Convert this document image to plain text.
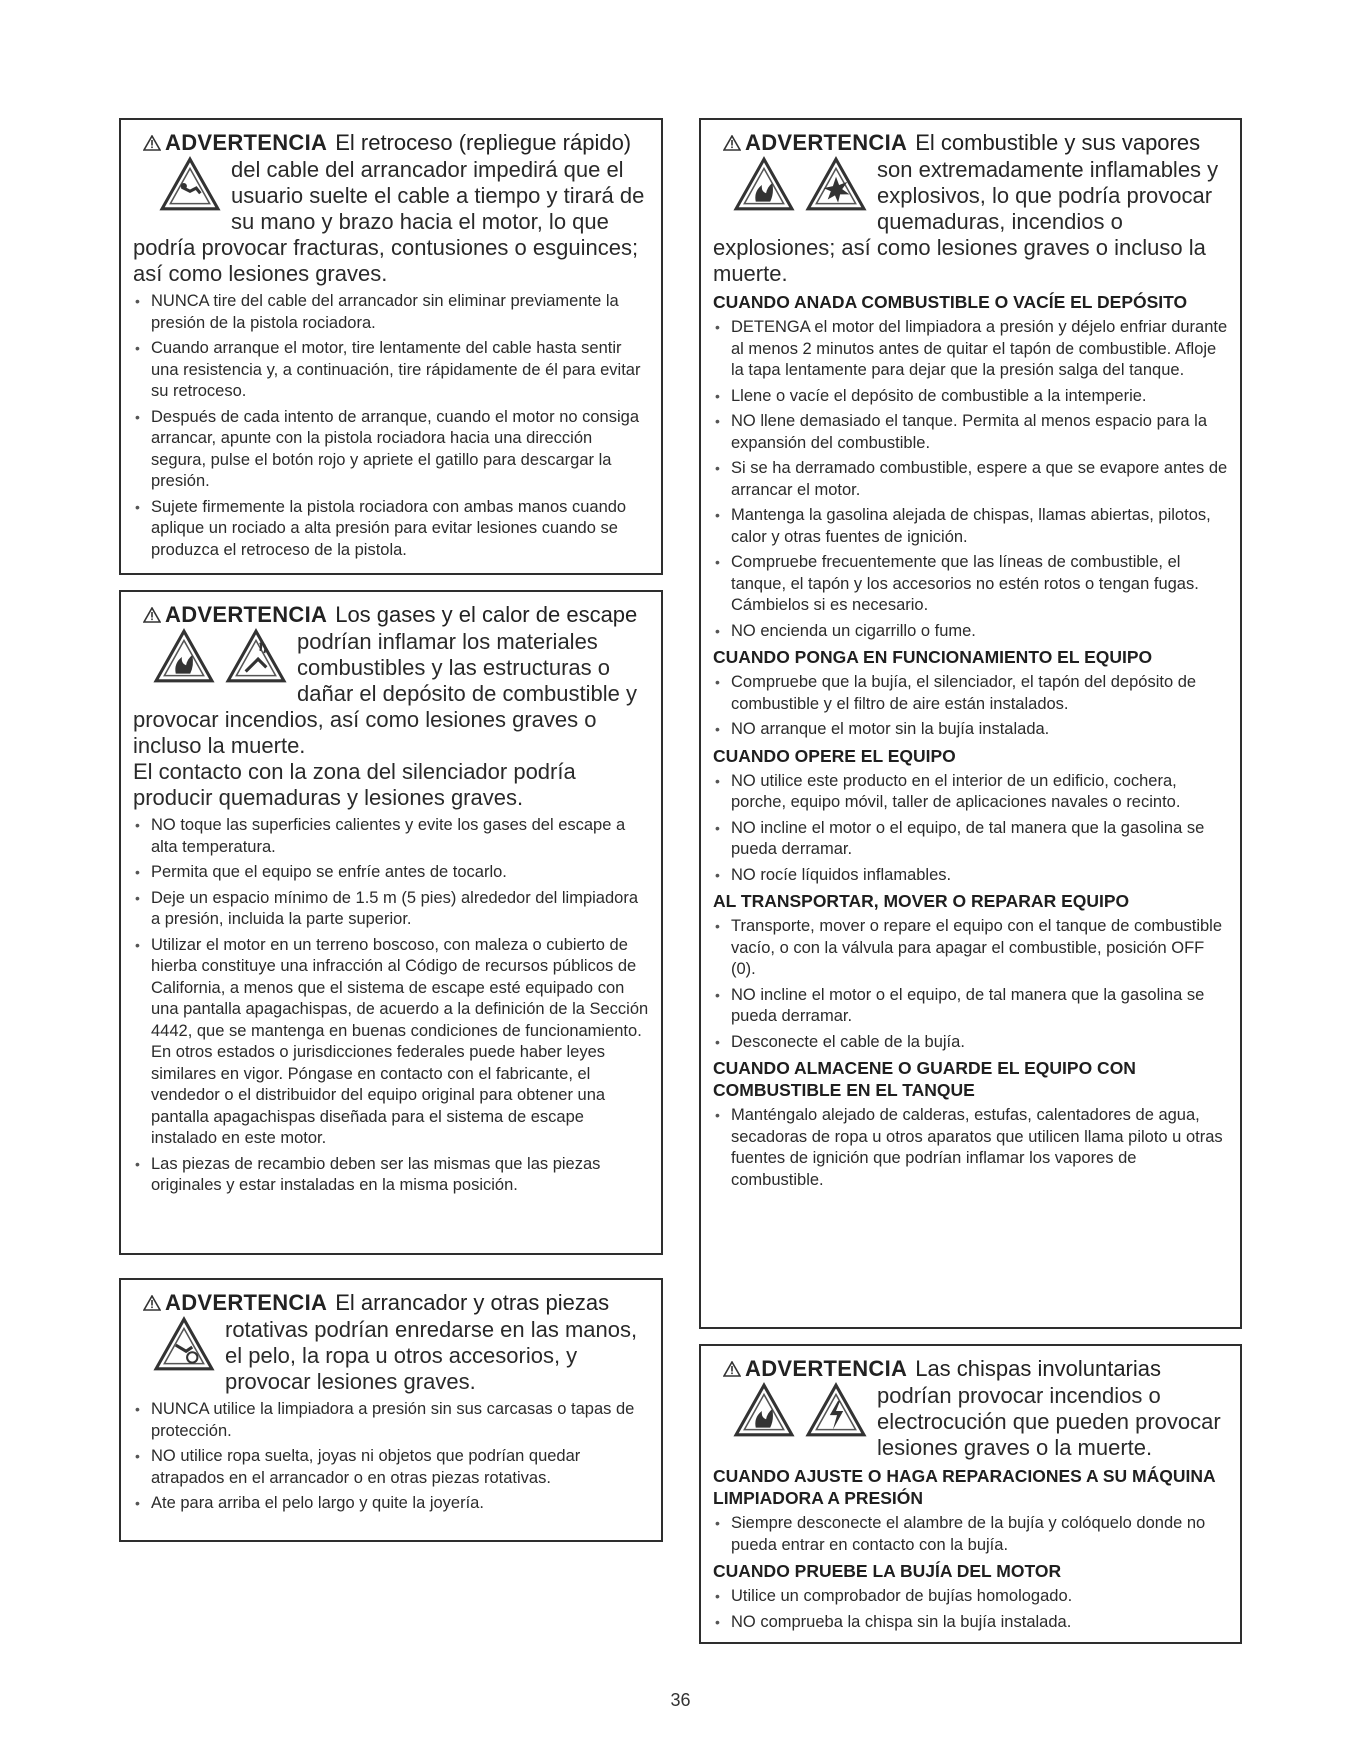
ADVERTENCIA El retroceso (repliegue rápido)
del cable del arrancador impedirá que el usuario suelte el cable a tiempo y tirará de su mano y brazo hacia el motor, lo que
podría provocar fracturas, contusiones o esguinces; así como lesiones graves.
• NUNCA tire del cable del arrancador sin eliminar previamente la presión de la pistola rociadora.
• Cuando arranque el motor, tire lentamente del cable hasta sentir una resistencia y, a continuación, tire rápidamente de él para evitar su retroceso.
• Después de cada intento de arranque, cuando el motor no consiga arrancar, apunte con la pistola rociadora hacia una dirección segura, pulse el botón rojo y apriete el gatillo para descargar la presión.
• Sujete firmemente la pistola rociadora con ambas manos cuando aplique un rociado a alta presión para evitar lesiones cuando se produzca el retroceso de la pistola.
ADVERTENCIA Los gases y el calor de escape
podrían inflamar los materiales combustibles y las estructuras o dañar el depósito de combustible y
provocar incendios, así como lesiones graves o incluso la muerte.
El contacto con la zona del silenciador podría producir quemaduras y lesiones graves.
• NO toque las superficies calientes y evite los gases del escape a alta temperatura.
• Permita que el equipo se enfríe antes de tocarlo.
• Deje un espacio mínimo de 1.5 m (5 pies) alrededor del limpiadora a presión, incluida la parte superior.
• Utilizar el motor en un terreno boscoso, con maleza o cubierto de hierba constituye una infracción al Código de recursos públicos de California, a menos que el sistema de escape esté equipado con una pantalla apagachispas, de acuerdo a la definición de la Sección 4442, que se mantenga en buenas condiciones de funcionamiento. En otros estados o jurisdicciones federales puede haber leyes similares en vigor. Póngase en contacto con el fabricante, el vendedor o el distribuidor del equipo original para obtener una pantalla apagachispas diseñada para el sistema de escape instalado en este motor.
• Las piezas de recambio deben ser las mismas que las piezas originales y estar instaladas en la misma posición.
ADVERTENCIA El arrancador y otras piezas
rotativas podrían enredarse en las manos, el pelo, la ropa u otros accesorios, y provocar lesiones graves.
• NUNCA utilice la limpiadora a presión sin sus carcasas o tapas de protección.
• NO utilice ropa suelta, joyas ni objetos que podrían quedar atrapados en el arrancador o en otras piezas rotativas.
• Ate para arriba el pelo largo y quite la joyería.
ADVERTENCIA El combustible y sus vapores
son extremadamente inflamables y explosivos, lo que podría provocar quemaduras, incendios o
explosiones; así como lesiones graves o incluso la muerte.
CUANDO ANADA COMBUSTIBLE O VACÍE EL DEPÓSITO
• DETENGA el motor del limpiadora a presión y déjelo enfriar durante al menos 2 minutos antes de quitar el tapón de combustible. Afloje la tapa lentamente para dejar que la presión salga del tanque.
• Llene o vacíe el depósito de combustible a la intemperie.
• NO llene demasiado el tanque. Permita al menos espacio para la expansión del combustible.
• Si se ha derramado combustible, espere a que se evapore antes de arrancar el motor.
• Mantenga la gasolina alejada de chispas, llamas abiertas, pilotos, calor y otras fuentes de ignición.
• Compruebe frecuentemente que las líneas de combustible, el tanque, el tapón y los accesorios no estén rotos o tengan fugas. Cámbielos si es necesario.
• NO encienda un cigarrillo o fume.
CUANDO PONGA EN FUNCIONAMIENTO EL EQUIPO
• Compruebe que la bujía, el silenciador, el tapón del depósito de combustible y el filtro de aire están instalados.
• NO arranque el motor sin la bujía instalada.
CUANDO OPERE EL EQUIPO
• NO utilice este producto en el interior de un edificio, cochera, porche, equipo móvil, taller de aplicaciones navales o recinto.
• NO incline el motor o el equipo, de tal manera que la gasolina se pueda derramar.
• NO rocíe líquidos inflamables.
AL TRANSPORTAR, MOVER O REPARAR EQUIPO
• Transporte, mover o repare el equipo con el tanque de combustible vacío, o con la válvula para apagar el combustible, posición OFF (0).
• NO incline el motor o el equipo, de tal manera que la gasolina se pueda derramar.
• Desconecte el cable de la bujía.
CUANDO ALMACENE O GUARDE EL EQUIPO CON COMBUSTIBLE EN EL TANQUE
• Manténgalo alejado de calderas, estufas, calentadores de agua, secadoras de ropa u otros aparatos que utilicen llama piloto u otras fuentes de ignición que podrían inflamar los vapores de combustible.
ADVERTENCIA Las chispas involuntarias
podrían provocar incendios o electrocución que pueden provocar lesiones graves o la muerte.
CUANDO AJUSTE O HAGA REPARACIONES A SU MÁQUINA LIMPIADORA A PRESIÓN
• Siempre desconecte el alambre de la bujía y colóquelo donde no pueda entrar en contacto con la bujía.
CUANDO PRUEBE LA BUJÍA DEL MOTOR
• Utilice un comprobador de bujías homologado.
• NO comprueba la chispa sin la bujía instalada.
36
